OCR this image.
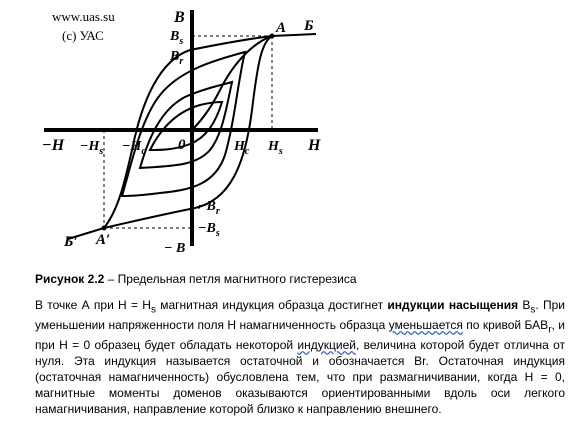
www.uas.su
(c) УАС
B
− B
H
−H	0
$B_s$
$B_r$
$-B_r$
$-B_s$
$H_s$
$H_c$
$-H_s -H_c$
A Б
A′
Б′
Рисунок 2.2 – Предельная петля магнитного гистерезиса

В точке А при $H = H_s$ магнитная индукция образца достигнет индукции насыщения $B_s$. При уменьшении напряженности поля H намагниченность образца уменьшается по кривой $БАВ_r$, и при H = 0 образец будет обладать некоторой индукцией, величина которой будет отлична от нуля. Эта индукция называется остаточной и обозначается Br. Остаточная индукция (остаточная намагниченность) обусловлена тем, что при размагничивании, когда H = 0, магнитные моменты доменов оказываются ориентированными вдоль оси легкого намагничивания, направление которой близко к направлению внешнего.
